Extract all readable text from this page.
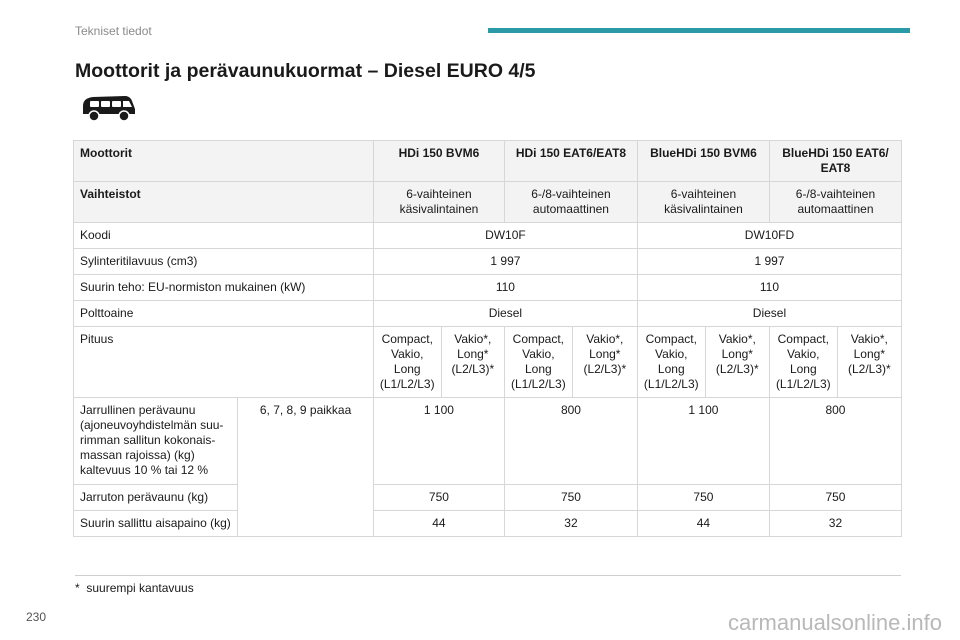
Tekniset tiedot
Moottorit ja perävaunukuormat – Diesel EURO 4/5
Moottorit		HDi 150 BVM6		HDi 150 EAT6/EAT8		BlueHDi 150 BVM6		BlueHDi 150 EAT6/ EAT8	
Vaihteistot		6-vaihteinen käsivalintainen		6-/8-vaihteinen automaattinen		6-vaihteinen käsivalintainen		6-/8-vaihteinen automaattinen	
Koodi		DW10F				DW10FD			
Sylinteritilavuus (cm3)		1 997				1 997			
Suurin teho: EU-normiston mukainen (kW)		110				110			
Polttoaine		Diesel				Diesel			
Pituus		Compact, Vakio, Long (L1/L2/L3)	Vakio*, Long* (L2/L3)*	Compact, Vakio, Long (L1/L2/L3)	Vakio*, Long* (L2/L3)*	Compact, Vakio, Long (L1/L2/L3)	Vakio*, Long* (L2/L3)*	Compact, Vakio, Long (L1/L2/L3)	Vakio*, Long* (L2/L3)*
Jarrullinen perävaunu (ajoneuvoyhdistelmän suurimman sallitun kokonaismassan rajoissa) (kg) kaltevuus 10 % tai 12 %	6, 7, 8, 9 paikkaa	1 100		800		1 100		800	
Jarruton perävaunu (kg)		750		750		750		750	
Suurin sallittu aisapaino (kg)		44		32		44		32	
* suurempi kantavuus
230	carmanualsonline.info
